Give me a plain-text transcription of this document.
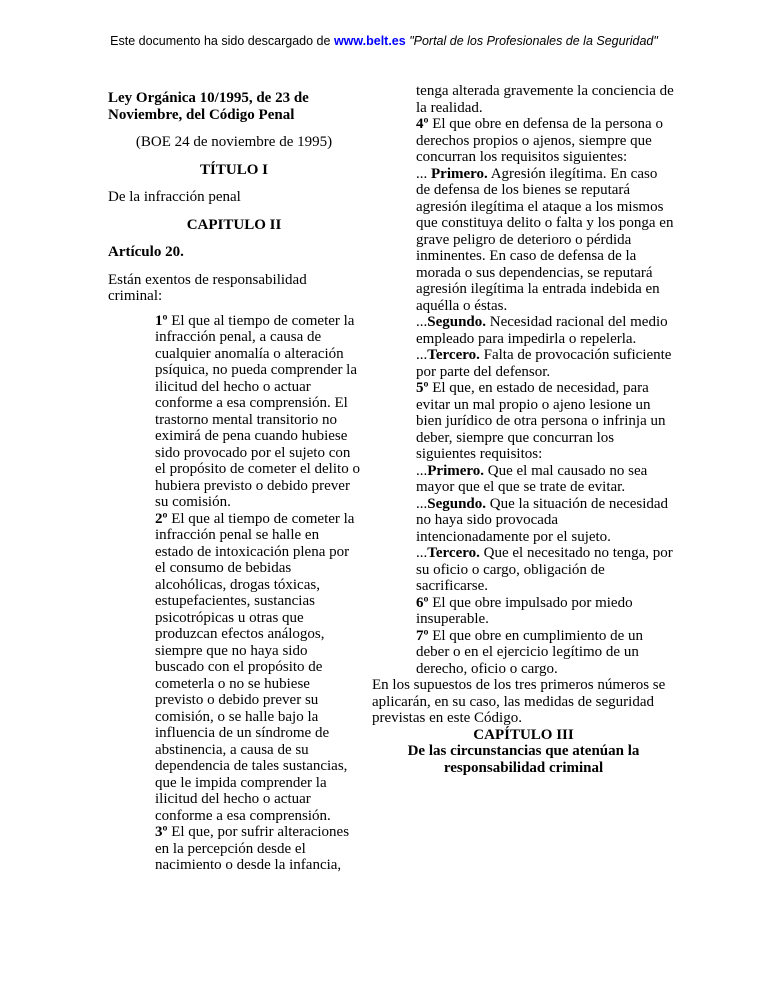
Este documento ha sido descargado de www.belt.es "Portal de los Profesionales de la Seguridad"

Ley Orgánica 10/1995, de 23 de Noviembre, del Código Penal

(BOE 24 de noviembre de 1995)

TÍTULO I

De la infracción penal

CAPITULO II

Artículo 20.

Están exentos de responsabilidad criminal:

1º El que al tiempo de cometer la infracción penal, a causa de cualquier anomalía o alteración psíquica, no pueda comprender la ilicitud del hecho o actuar conforme a esa comprensión. El trastorno mental transitorio no eximirá de pena cuando hubiese sido provocado por el sujeto con el propósito de cometer el delito o hubiera previsto o debido prever su comisión.

2º El que al tiempo de cometer la infracción penal se halle en estado de intoxicación plena por el consumo de bebidas alcohólicas, drogas tóxicas, estupefacientes, sustancias psicotrópicas u otras que produzcan efectos análogos, siempre que no haya sido buscado con el propósito de cometerla o no se hubiese previsto o debido prever su comisión, o se halle bajo la influencia de un síndrome de abstinencia, a causa de su dependencia de tales sustancias, que le impida comprender la ilicitud del hecho o actuar conforme a esa comprensión.

3º El que, por sufrir alteraciones en la percepción desde el nacimiento o desde la infancia,

tenga alterada gravemente la conciencia de la realidad.

4º El que obre en defensa de la persona o derechos propios o ajenos, siempre que concurran los requisitos siguientes:

... Primero. Agresión ilegítima. En caso de defensa de los bienes se reputará agresión ilegítima el ataque a los mismos que constituya delito o falta y los ponga en grave peligro de deterioro o pérdida inminentes. En caso de defensa de la morada o sus dependencias, se reputará agresión ilegítima la entrada indebida en aquélla o éstas.

...Segundo. Necesidad racional del medio empleado para impedirla o repelerla.

...Tercero. Falta de provocación suficiente por parte del defensor.

5º El que, en estado de necesidad, para evitar un mal propio o ajeno lesione un bien jurídico de otra persona o infrinja un deber, siempre que concurran los siguientes requisitos:

...Primero. Que el mal causado no sea mayor que el que se trate de evitar.

...Segundo. Que la situación de necesidad no haya sido provocada intencionadamente por el sujeto.

...Tercero. Que el necesitado no tenga, por su oficio o cargo, obligación de sacrificarse.

6º El que obre impulsado por miedo insuperable.

7º El que obre en cumplimiento de un deber o en el ejercicio legítimo de un derecho, oficio o cargo.

En los supuestos de los tres primeros números se aplicarán, en su caso, las medidas de seguridad previstas en este Código.

CAPÍTULO III

De las circunstancias que atenúan la responsabilidad criminal
